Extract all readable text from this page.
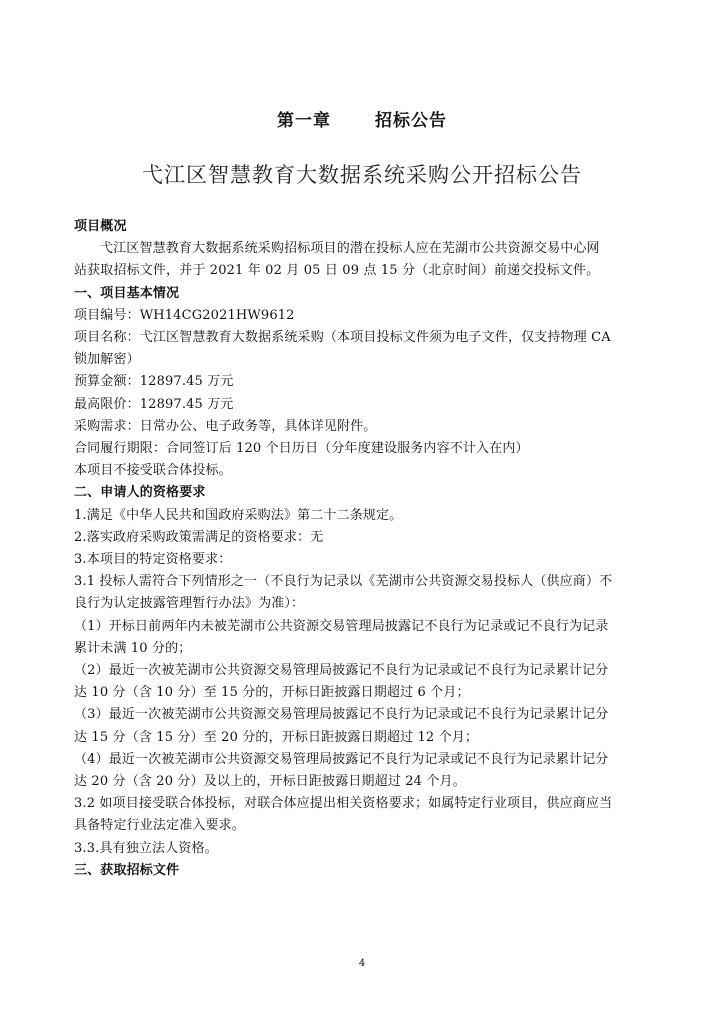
第一章	招标公告
弋江区智慧教育大数据系统采购公开招标公告
项目概况
弋江区智慧教育大数据系统采购招标项目的潜在投标人应在芜湖市公共资源交易中心网
站获取招标文件，并于 2021 年 02 月 05 日 09 点 15 分（北京时间）前递交投标文件。
一、项目基本情况
项目编号：WH14CG2021HW9612
项目名称：弋江区智慧教育大数据系统采购（本项目投标文件须为电子文件，仅支持物理 CA
锁加解密）
预算金额：12897.45 万元
最高限价：12897.45 万元
采购需求：日常办公、电子政务等，具体详见附件。
合同履行期限：合同签订后 120 个日历日（分年度建设服务内容不计入在内）
本项目不接受联合体投标。
二、申请人的资格要求
1.满足《中华人民共和国政府采购法》第二十二条规定。
2.落实政府采购政策需满足的资格要求：无
3.本项目的特定资格要求：
3.1 投标人需符合下列情形之一（不良行为记录以《芜湖市公共资源交易投标人（供应商）不
良行为认定披露管理暂行办法》为准）：
（1）开标日前两年内未被芜湖市公共资源交易管理局披露记不良行为记录或记不良行为记录
累计未满 10 分的；
（2）最近一次被芜湖市公共资源交易管理局披露记不良行为记录或记不良行为记录累计记分
达 10 分（含 10 分）至 15 分的，开标日距披露日期超过 6 个月；
（3）最近一次被芜湖市公共资源交易管理局披露记不良行为记录或记不良行为记录累计记分
达 15 分（含 15 分）至 20 分的，开标日距披露日期超过 12 个月；
（4）最近一次被芜湖市公共资源交易管理局披露记不良行为记录或记不良行为记录累计记分
达 20 分（含 20 分）及以上的，开标日距披露日期超过 24 个月。
3.2 如项目接受联合体投标，对联合体应提出相关资格要求；如属特定行业项目，供应商应当
具备特定行业法定准入要求。
3.3.具有独立法人资格。
三、获取招标文件
4
